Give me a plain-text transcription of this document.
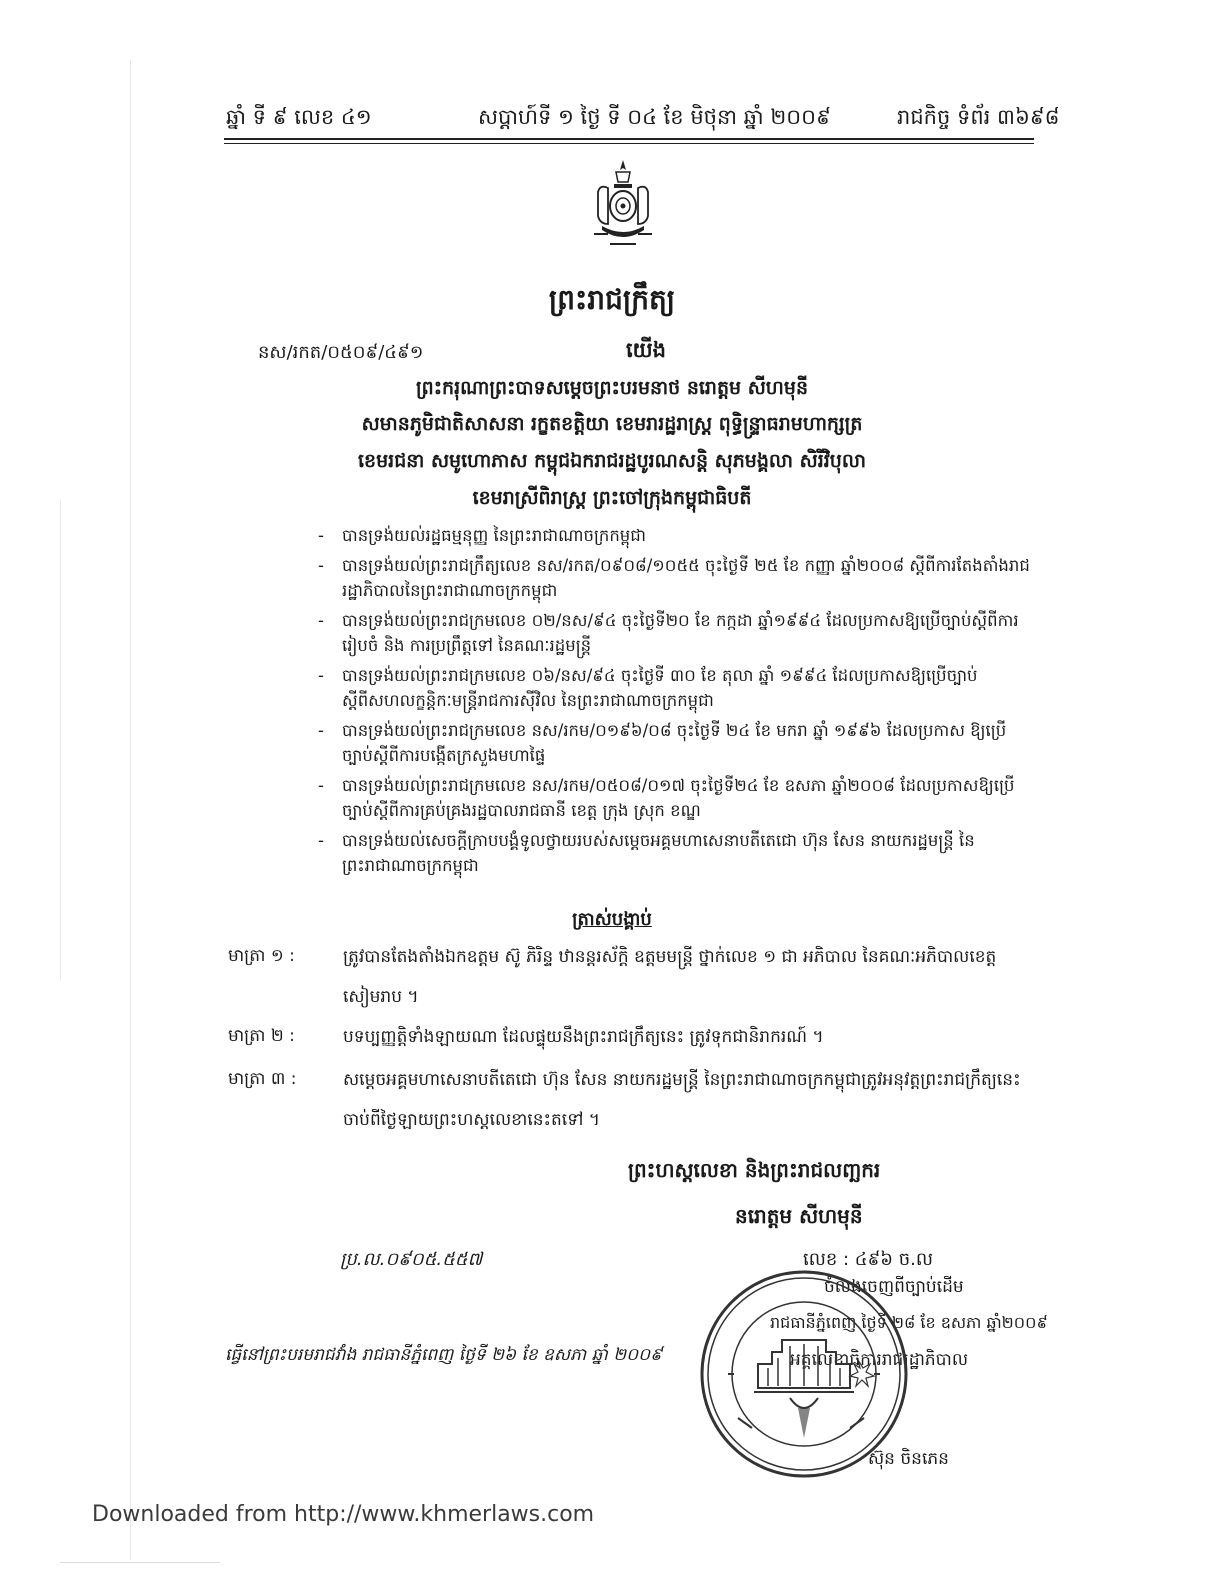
ឆ្នាំ ទី ៩ លេខ ៤១	សប្តាហ៍ទី ១ ថ្ងៃ ទី ០៤ ខែ មិថុនា ឆ្នាំ ២០០៩	រាជកិច្ច ទំព័រ ៣៦៩៨
ព្រះរាជក្រឹត្យ
នស/រកត/០៥០៩/៤៩១	យើង
ព្រះករុណាព្រះបាទសម្តេចព្រះបរមនាថ នរោត្តម សីហមុនី
សមានភូមិជាតិសាសនា រក្ខតខត្តិយា ខេមរារដ្ឋរាស្ត្រ ពុទ្ធិន្ទ្រាធរាមហាក្សត្រ
ខេមរជនា សមូហោភាស កម្ពុជឯករាជរដ្ឋបូរណសន្តិ សុភមង្គលា សិរីវិបុលា
ខេមរាស្រីពិរាស្ត្រ ព្រះចៅក្រុងកម្ពុជាធិបតី
- បានទ្រង់យល់រដ្ឋធម្មនុញ្ញ នៃព្រះរាជាណាចក្រកម្ពុជា
- បានទ្រង់យល់ព្រះរាជក្រឹត្យលេខ នស/រកត/០៩០៨/១០៥៥ ចុះថ្ងៃទី ២៥ ខែ កញ្ញា ឆ្នាំ២០០៨ ស្តីពីការតែងតាំងរាជរដ្ឋាភិបាលនៃព្រះរាជាណាចក្រកម្ពុជា
- បានទ្រង់យល់ព្រះរាជក្រមលេខ ០២/នស/៩៤ ចុះថ្ងៃទី២០ ខែ កក្កដា ឆ្នាំ១៩៩៤ ដែលប្រកាសឱ្យប្រើច្បាប់ស្តីពីការរៀបចំ និង ការប្រព្រឹត្តទៅ នៃគណៈរដ្ឋមន្ត្រី
- បានទ្រង់យល់ព្រះរាជក្រមលេខ ០៦/នស/៩៤ ចុះថ្ងៃទី ៣០ ខែ តុលា ឆ្នាំ ១៩៩៤ ដែលប្រកាសឱ្យប្រើច្បាប់ស្តីពីសហលក្ខន្តិកៈមន្ត្រីរាជការស៊ីវិល នៃព្រះរាជាណាចក្រកម្ពុជា
- បានទ្រង់យល់ព្រះរាជក្រមលេខ នស/រកម/០១៩៦/០៨ ចុះថ្ងៃទី ២៤ ខែ មករា ឆ្នាំ ១៩៩៦ ដែលប្រកាស ឱ្យប្រើច្បាប់ស្តីពីការបង្កើតក្រសួងមហាផ្ទៃ
- បានទ្រង់យល់ព្រះរាជក្រមលេខ នស/រកម/០៥០៨/០១៧ ចុះថ្ងៃទី២៤ ខែ ឧសភា ឆ្នាំ២០០៨ ដែលប្រកាសឱ្យប្រើច្បាប់ស្តីពីការគ្រប់គ្រងរដ្ឋបាលរាជធានី ខេត្ត ក្រុង ស្រុក ខណ្ឌ
- បានទ្រង់យល់សេចក្តីក្រាបបង្គំទូលថ្វាយរបស់សម្តេចអគ្គមហាសេនាបតីតេជោ ហ៊ុន សែន នាយករដ្ឋមន្ត្រី នៃព្រះរាជាណាចក្រកម្ពុជា
ត្រាស់បង្គាប់
មាត្រា ១ :	ត្រូវបានតែងតាំងឯកឧត្តម ស៊ូ ភិរិន្ទ ឋានន្តរស័ក្តិ ឧត្តមមន្ត្រី ថ្នាក់លេខ ១ ជា អភិបាល នៃគណៈអភិបាលខេត្តសៀមរាប ។
មាត្រា ២ :	បទប្បញ្ញត្តិទាំងឡាយណា ដែលផ្ទុយនឹងព្រះរាជក្រឹត្យនេះ ត្រូវទុកជានិរាករណ៍ ។
មាត្រា ៣ :	សម្តេចអគ្គមហាសេនាបតីតេជោ ហ៊ុន សែន នាយករដ្ឋមន្ត្រី នៃព្រះរាជាណាចក្រកម្ពុជាត្រូវអនុវត្តព្រះរាជក្រឹត្យនេះ ចាប់ពីថ្ងៃឡាយព្រះហស្តលេខានេះតទៅ ។
ព្រះហស្តលេខា និងព្រះរាជលញ្ឆករ
នរោត្តម សីហមុនី
ប្រ.ល.០៩០៥.៥៥៧	លេខ : ៤៩៦ ច.ល
ចំលងចេញពីច្បាប់ដើម
រាជធានីភ្នំពេញ ថ្ងៃទី ២៨ ខែ ឧសភា ឆ្នាំ២០០៩
ធ្វើនៅព្រះបរមរាជវាំង រាជធានីភ្នំពេញ ថ្ងៃទី ២៦ ខែ ឧសភា ឆ្នាំ ២០០៩	អគ្គលេខាធិការរាជរដ្ឋាភិបាល
ស៊ុន ចិនភេន
Downloaded from http://www.khmerlaws.com
